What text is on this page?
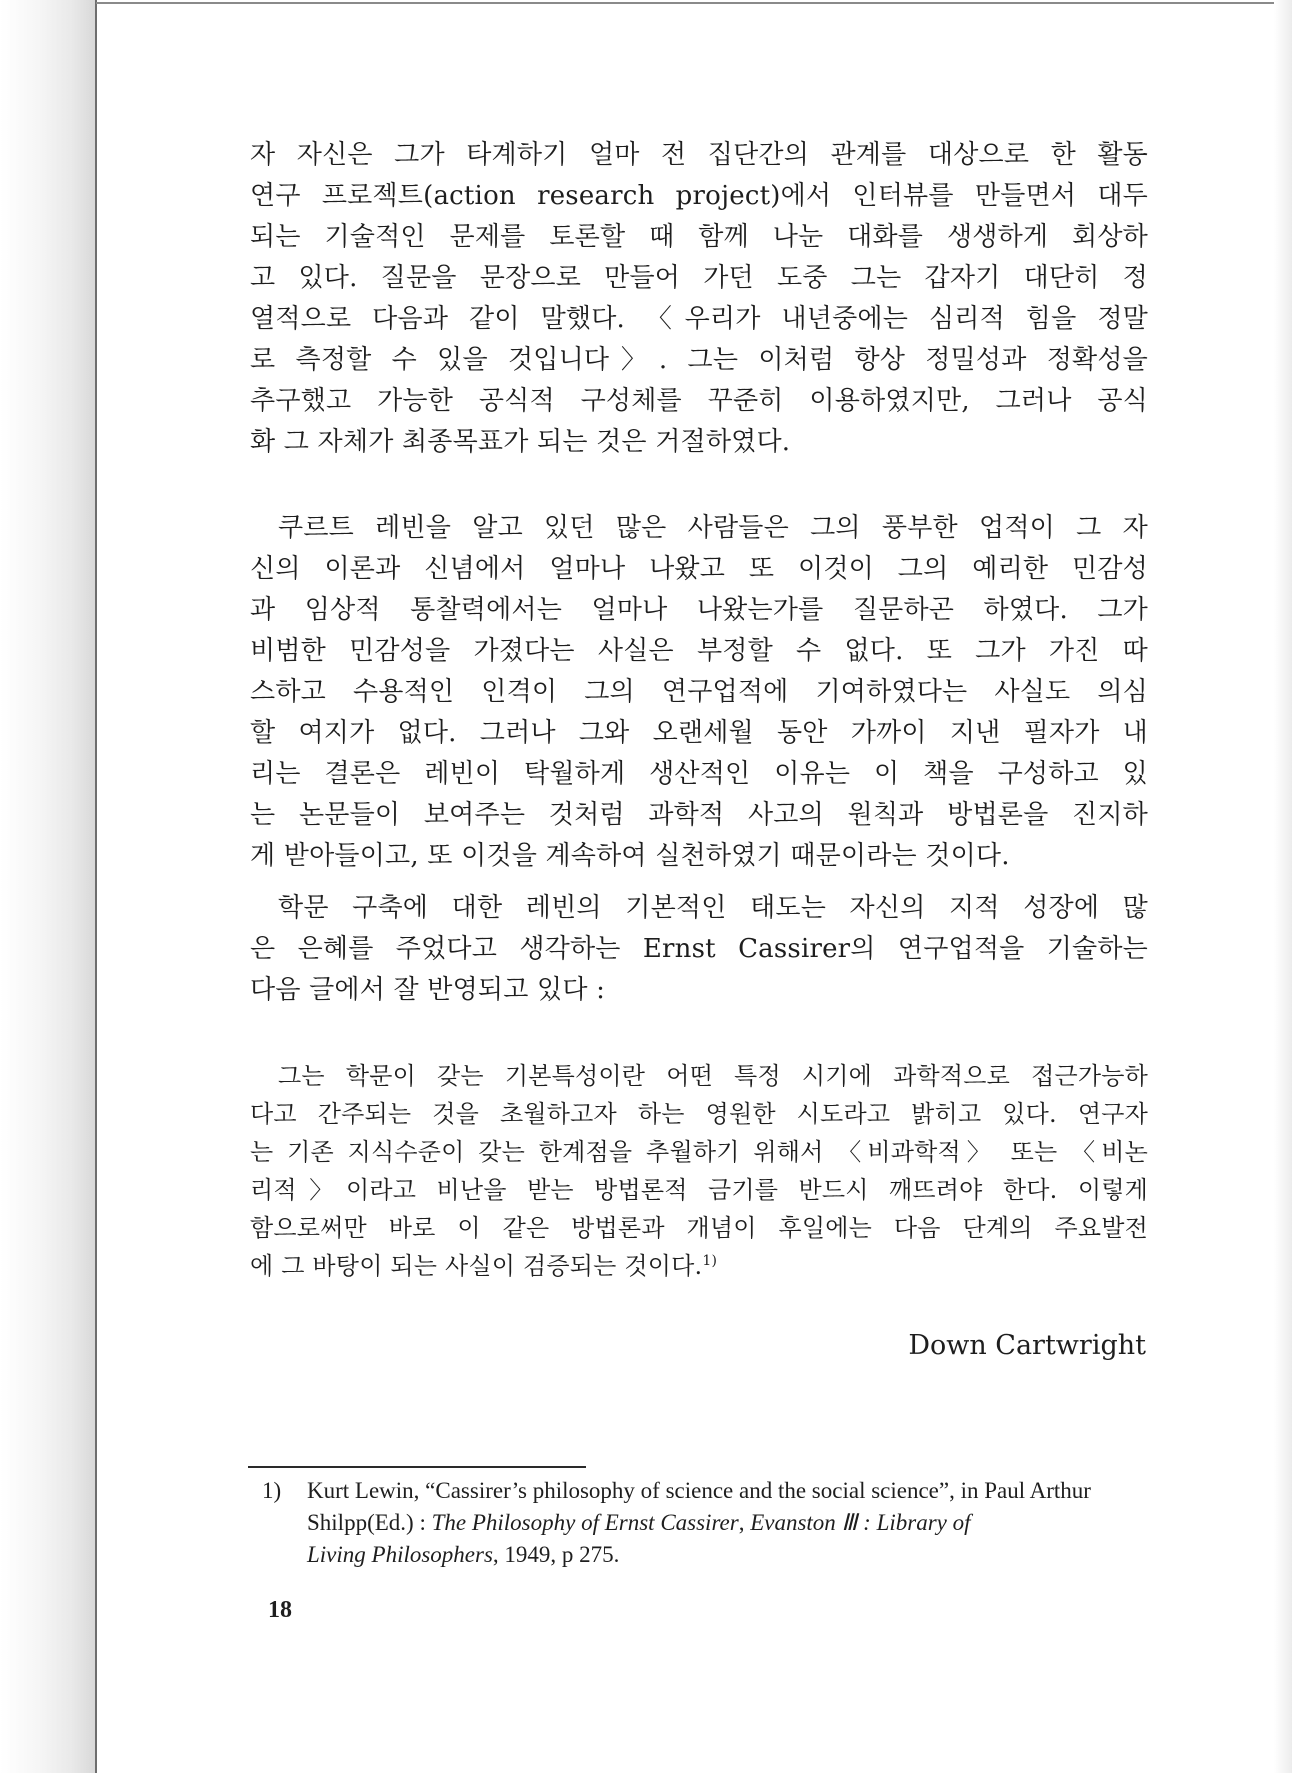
자 자신은 그가 타계하기 얼마 전 집단간의 관계를 대상으로 한 활동
연구 프로젝트(action research project)에서 인터뷰를 만들면서 대두
되는 기술적인 문제를 토론할 때 함께 나눈 대화를 생생하게 회상하
고 있다. 질문을 문장으로 만들어 가던 도중 그는 갑자기 대단히 정
열적으로 다음과 같이 말했다. 〈우리가 내년중에는 심리적 힘을 정말
로 측정할 수 있을 것입니다〉. 그는 이처럼 항상 정밀성과 정확성을
추구했고 가능한 공식적 구성체를 꾸준히 이용하였지만, 그러나 공식
화 그 자체가 최종목표가 되는 것은 거절하였다.
쿠르트 레빈을 알고 있던 많은 사람들은 그의 풍부한 업적이 그 자
신의 이론과 신념에서 얼마나 나왔고 또 이것이 그의 예리한 민감성
과 임상적 통찰력에서는 얼마나 나왔는가를 질문하곤 하였다. 그가
비범한 민감성을 가졌다는 사실은 부정할 수 없다. 또 그가 가진 따
스하고 수용적인 인격이 그의 연구업적에 기여하였다는 사실도 의심
할 여지가 없다. 그러나 그와 오랜세월 동안 가까이 지낸 필자가 내
리는 결론은 레빈이 탁월하게 생산적인 이유는 이 책을 구성하고 있
는 논문들이 보여주는 것처럼 과학적 사고의 원칙과 방법론을 진지하
게 받아들이고, 또 이것을 계속하여 실천하였기 때문이라는 것이다.
학문 구축에 대한 레빈의 기본적인 태도는 자신의 지적 성장에 많
은 은혜를 주었다고 생각하는 Ernst Cassirer의 연구업적을 기술하는
다음 글에서 잘 반영되고 있다 :
그는 학문이 갖는 기본특성이란 어떤 특정 시기에 과학적으로 접근가능하
다고 간주되는 것을 초월하고자 하는 영원한 시도라고 밝히고 있다. 연구자
는 기존 지식수준이 갖는 한계점을 추월하기 위해서 〈비과학적〉 또는 〈비논
리적〉이라고 비난을 받는 방법론적 금기를 반드시 깨뜨려야 한다. 이렇게
함으로써만 바로 이 같은 방법론과 개념이 후일에는 다음 단계의 주요발전
에 그 바탕이 되는 사실이 검증되는 것이다.$^{1)}$
Down Cartwright
1) Kurt Lewin, “Cassirer’s philosophy of science and the social science”, in Paul Arthur
Shilpp(Ed.) : The Philosophy of Ernst Cassirer, Evanston Ⅲ : Library of
Living Philosophers, 1949, p 275.
18
